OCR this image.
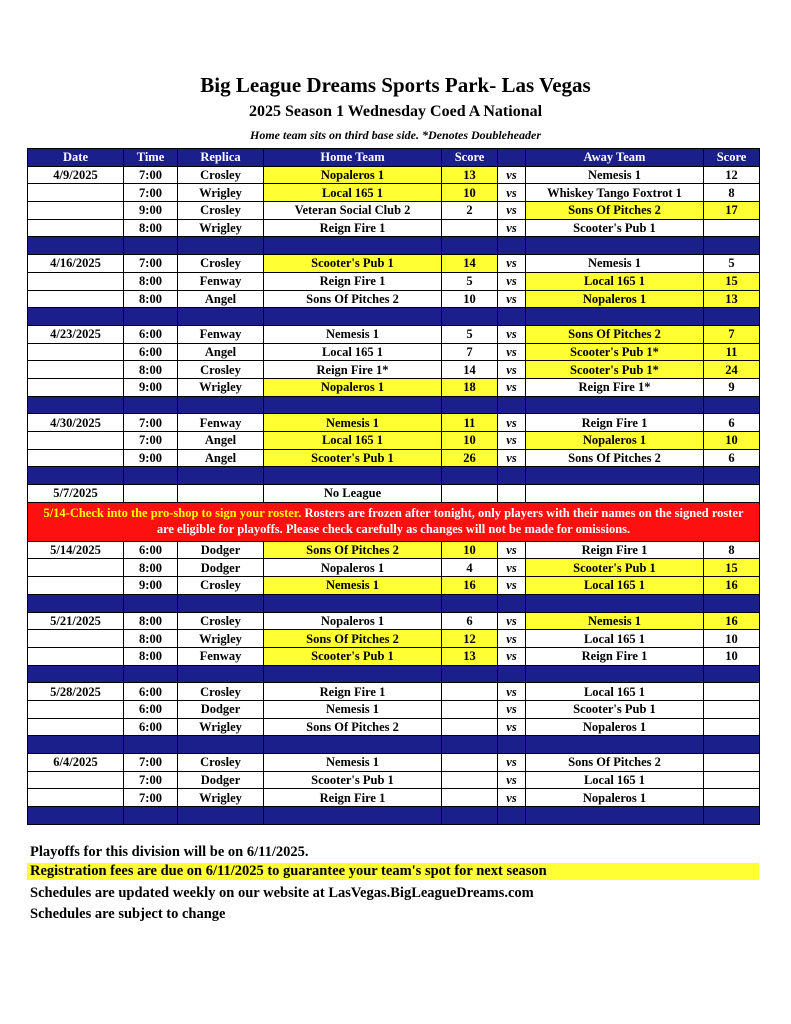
Big League Dreams Sports Park- Las Vegas
2025 Season 1 Wednesday Coed A National
Home team sits on third base side. *Denotes Doubleheader
Date	Time	Replica	Home Team	Score		Away Team	Score
4/9/2025	7:00	Crosley	Nopaleros 1	13	vs	Nemesis 1	12
	7:00	Wrigley	Local 165 1	10	vs	Whiskey Tango Foxtrot 1	8
	9:00	Crosley	Veteran Social Club 2	2	vs	Sons Of Pitches 2	17
	8:00	Wrigley	Reign Fire 1		vs	Scooter's Pub 1	

4/16/2025	7:00	Crosley	Scooter's Pub 1	14	vs	Nemesis 1	5
	8:00	Fenway	Reign Fire 1	5	vs	Local 165 1	15
	8:00	Angel	Sons Of Pitches 2	10	vs	Nopaleros 1	13

4/23/2025	6:00	Fenway	Nemesis 1	5	vs	Sons Of Pitches 2	7
	6:00	Angel	Local 165 1	7	vs	Scooter's Pub 1*	11
	8:00	Crosley	Reign Fire 1*	14	vs	Scooter's Pub 1*	24
	9:00	Wrigley	Nopaleros 1	18	vs	Reign Fire 1*	9

4/30/2025	7:00	Fenway	Nemesis 1	11	vs	Reign Fire 1	6
	7:00	Angel	Local 165 1	10	vs	Nopaleros 1	10
	9:00	Angel	Scooter's Pub 1	26	vs	Sons Of Pitches 2	6

5/7/2025			No League				
5/14-Check into the pro-shop to sign your roster. Rosters are frozen after tonight, only players with their names on the signed roster are eligible for playoffs. Please check carefully as changes will not be made for omissions.							
5/14/2025	6:00	Dodger	Sons Of Pitches 2	10	vs	Reign Fire 1	8
	8:00	Dodger	Nopaleros 1	4	vs	Scooter's Pub 1	15
	9:00	Crosley	Nemesis 1	16	vs	Local 165 1	16

5/21/2025	8:00	Crosley	Nopaleros 1	6	vs	Nemesis 1	16
	8:00	Wrigley	Sons Of Pitches 2	12	vs	Local 165 1	10
	8:00	Fenway	Scooter's Pub 1	13	vs	Reign Fire 1	10

5/28/2025	6:00	Crosley	Reign Fire 1		vs	Local 165 1	
	6:00	Dodger	Nemesis 1		vs	Scooter's Pub 1	
	6:00	Wrigley	Sons Of Pitches 2		vs	Nopaleros 1	

6/4/2025	7:00	Crosley	Nemesis 1		vs	Sons Of Pitches 2	
	7:00	Dodger	Scooter's Pub 1		vs	Local 165 1	
	7:00	Wrigley	Reign Fire 1		vs	Nopaleros 1	

Playoffs for this division will be on 6/11/2025.
Registration fees are due on 6/11/2025 to guarantee your team's spot for next season
Schedules are updated weekly on our website at LasVegas.BigLeagueDreams.com
Schedules are subject to change
